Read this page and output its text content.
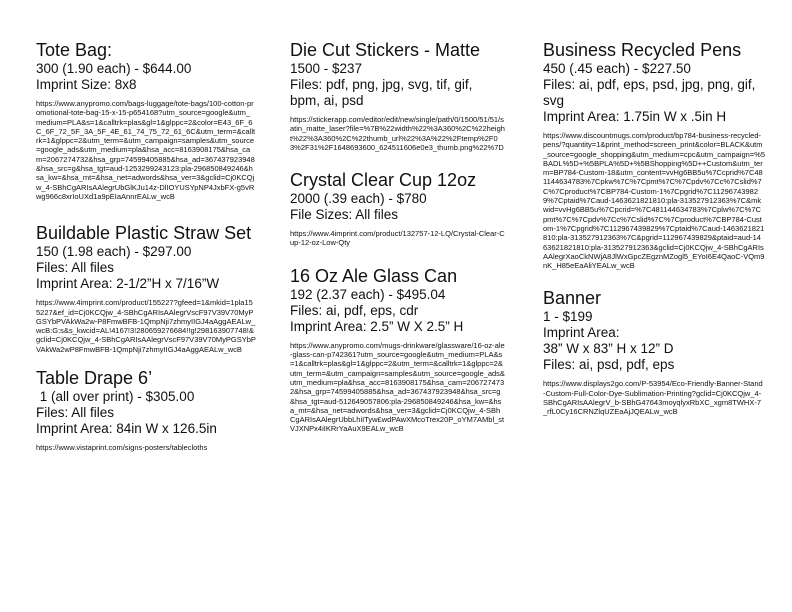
Tote Bag:

300 (1.90 each) - $644.00

Imprint Size: 8x8

https://www.anypromo.com/bags-luggage/tote-bags/100-cotton-promotional-tote-bag-15-x-15-p654168?utm_source=google&utm_medium=PLA&s=1&calltrk=plas&gl=1&glppc=2&color=E43_6F_6C_6F_72_5F_3A_5F_4E_61_74_75_72_61_6C&utm_term=&calltrk=1&glppc=2&utm_term=&utm_campaign=samples&utm_source=google_ads&utm_medium=pla&hsa_acc=8163908175&hsa_cam=2067274732&hsa_grp=74599405885&hsa_ad=367437923948&hsa_src=g&hsa_tgt=aud-1253299243123:pla-296850849246&hsa_kw=&hsa_mt=&hsa_net=adwords&hsa_ver=3&gclid=Cj0KCQjw_4-SBhCgARIsAAlegrUbGlKJu14z-DlIOYUSYpNP4JxbFX-g5vRwg966c8xrIoUXd1a9pEIaAnnrEALw_wcB

Buildable Plastic Straw Set

150 (1.98 each) - $297.00

Files: All files

Imprint Area: 2-1/2”H x 7/16”W

https://www.4imprint.com/product/155227?gfeed=1&mkid=1pla155227&ef_id=Cj0KCQjw_4-SBhCgARIsAAlegrVscF97V39V70MyPGSYbPVAkWa2w-P8FmwBFB-1QmpNji7zhmyIIGJ4aAggAEALw_wcB:G:s&s_kwcid=AL!4167!3!280659276684!!g!298163907748!&gclid=Cj0KCQjw_4-SBhCgARIsAAlegrVscF97V39V70MyPGSYbPVAkWa2wP8FmwBFB-1QmpNji7zhmyIIGJ4aAggAEALw_wcB

Table Drape 6’

1 (all over print) - $305.00

Files: All files

Imprint Area: 84in W x 126.5in

https://www.vistaprint.com/signs-posters/tablecloths

Die Cut Stickers - Matte

1500 - $237

Files: pdf, png, jpg, svg, tif, gif, bpm, ai, psd

https://stickerapp.com/editor/edit/new/single/path/0/1500/51/51/satin_matte_laser?file=%7B%22width%22%3A360%2C%22height%22%3A360%2C%22thumb_url%22%3A%22%2Ftemp%2F03%2F31%2F1648693600_624511606e0e3_thumb.png%22%7D

Crystal Clear Cup 12oz

2000 (.39 each) - $780

File Sizes: All files

https://www.4imprint.com/product/132757-12-LQ/Crystal-Clear-Cup-12-oz-Low-Qty

16 Oz Ale Glass Can

192 (2.37 each) - $495.04

Files: ai, pdf, eps, cdr

Imprint Area: 2.5” W X 2.5” H

https://www.anypromo.com/mugs-drinkware/glassware/16-oz-ale-glass-can-p742361?utm_source=google&utm_medium=PLA&s=1&calltrk=plas&gl=1&glppc=2&utm_term=&calltrk=1&glppc=2&utm_term=&utm_campaign=samples&utm_source=google_ads&utm_medium=pla&hsa_acc=8163908175&hsa_cam=2067274732&hsa_grp=74599405885&hsa_ad=367437923948&hsa_src=g&hsa_tgt=aud-512649057806:pla-296850849246&hsa_kw=&hsa_mt=&hsa_net=adwords&hsa_ver=3&gclid=Cj0KCQjw_4-SBhCgARIsAAlegrUbbLhiITyw£wdPAwXMcoTrex20P_oYM7AMbl_stVJXNPx4iIKRrYaAuX9EALw_wcB

Business Recycled Pens

450 (.45 each) - $227.50

Files: ai, pdf, eps, psd, jpg, png, gif, svg

Imprint Area: 1.75in W x .5in H

https://www.discountmugs.com/product/bp784-business-recycled-pens/?quantity=1&print_method=screen_print&color=BLACK&utm_source=google_shopping&utm_medium=cpc&utm_campaign=%5BADL%5D+%5BPLA%5D+%5BShopping%5D++Custom&utm_term=BP784-Custom-18&utm_content=vvHg6BB5u%7Ccprid%7C481144634783%7Cpkw%7C%7Cpmt%7C%7Cpdv%7Cc%7Cslid%7C%7Cproduct%7CBP784-Custom-1%7Cpgrid%7C112967439829%7Cptaid%7Caud-1463621821810:pla-313527912363%7C&mkwid=vvHg6BB5u%7Cpcrid=%7C481144634783%7Cplw%7C%7Cpmt%7C%7Cpdv%7Cc%7Cslid%7C%7Cproduct%7CBP784-Custom-1%7Cpgrid%7C112967439829%7Cptaid%7Caud-1463621821810:pla-313527912363%7C&pgrid=112967439829&ptaid=aud-1463621821810:pla-313527912363&gclid=Cj0KCQjw_4-SBhCgARIsAAlegrXaoCkNWjA8JlWxGpcZEgznMZogl5_EYoI6E4QaoC-VQm9nK_H85eEaAliYEALw_wcB

Banner

1 - $199

Imprint Area:

38” W x 83” H x 12” D

Files: ai, psd, pdf, eps

https://www.displays2go.com/P-53954/Eco-Friendly-Banner-Stand-Custom-Full-Color-Dye-Sublimation-Printing?gclid=Cj0KCQjw_4-SBhCgARIsAAlegrV_b-SBhG47643moyqlyxRbXC_xgm8TWHX-7_rfL0Cy16CRNZlqUZEaAjJQEALw_wcB
